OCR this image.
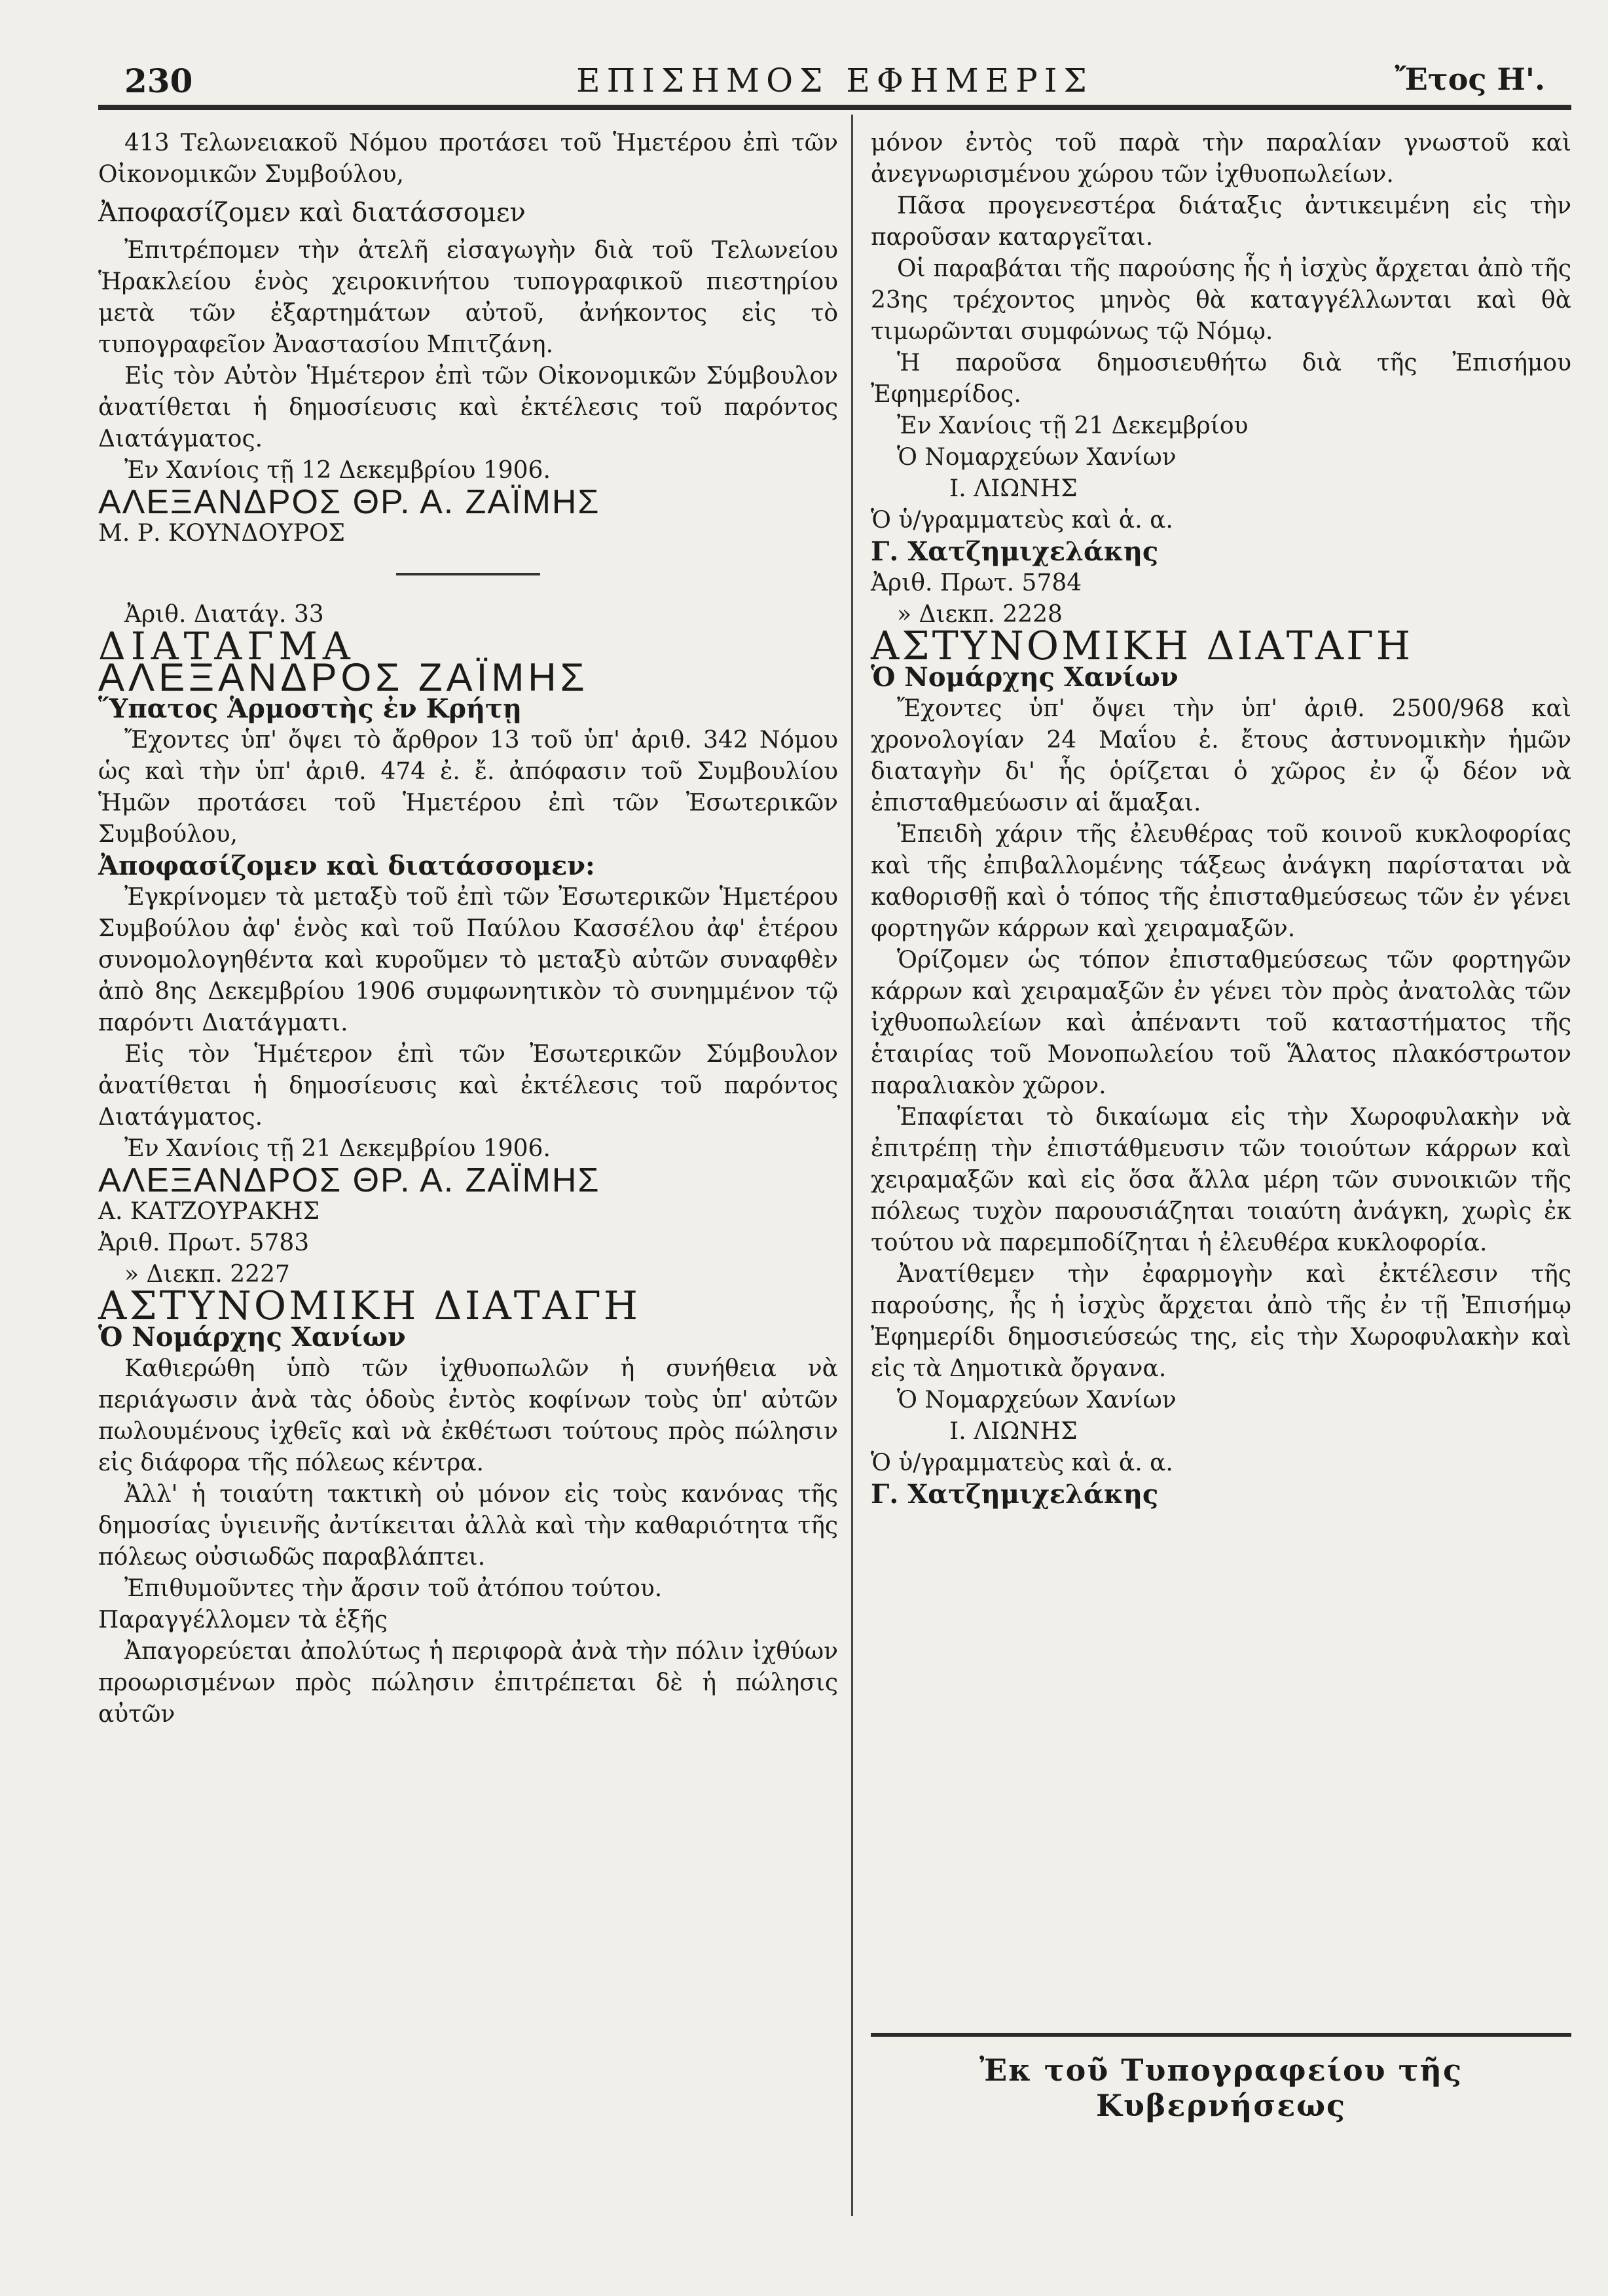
230	ΕΠΙΣΗΜΟΣ ΕΦΗΜΕΡΙΣ	Ἔτος Η'.

413 Τελωνειακοῦ Νόμου προτάσει τοῦ Ἡμετέρου ἐπὶ τῶν Οἰκονομικῶν Συμβούλου,

Ἀποφασίζομεν καὶ διατάσσομεν

Ἐπιτρέπομεν τὴν ἀτελῆ εἰσαγωγὴν διὰ τοῦ Τελωνείου Ἡρακλείου ἑνὸς χειροκινήτου τυπογραφικοῦ πιεστηρίου μετὰ τῶν ἐξαρτημάτων αὐτοῦ, ἀνήκοντος εἰς τὸ τυπογραφεῖον Ἀναστασίου Μπιτζάνη.

Εἰς τὸν Αὐτὸν Ἡμέτερον ἐπὶ τῶν Οἰκονομικῶν Σύμβουλον ἀνατίθεται ἡ δημοσίευσις καὶ ἐκτέλεσις τοῦ παρόντος Διατάγματος.

Ἐν Χανίοις τῇ 12 Δεκεμβρίου 1906.

ΑΛΕΞΑΝΔΡΟΣ ΘΡ. Α. ΖΑΪΜΗΣ

Μ. Ρ. ΚΟΥΝΔΟΥΡΟΣ

Ἀριθ. Διατάγ. 33

ΔΙΑΤΑΓΜΑ

ΑΛΕΞΑΝΔΡΟΣ ΖΑΪΜΗΣ

Ὕπατος Ἁρμοστὴς ἐν Κρήτῃ

Ἔχοντες ὑπ' ὄψει τὸ ἄρθρον 13 τοῦ ὑπ' ἀριθ. 342 Νόμου ὡς καὶ τὴν ὑπ' ἀριθ. 474 ἐ. ἔ. ἀπόφασιν τοῦ Συμβουλίου Ἡμῶν προτάσει τοῦ Ἡμετέρου ἐπὶ τῶν Ἐσωτερικῶν Συμβούλου,

Ἀποφασίζομεν καὶ διατάσσομεν:

Ἐγκρίνομεν τὰ μεταξὺ τοῦ ἐπὶ τῶν Ἐσωτερικῶν Ἡμετέρου Συμβούλου ἀφ' ἑνὸς καὶ τοῦ Παύλου Κασσέλου ἀφ' ἑτέρου συνομολογηθέντα καὶ κυροῦμεν τὸ μεταξὺ αὐτῶν συναφθὲν ἀπὸ 8ης Δεκεμβρίου 1906 συμφωνητικὸν τὸ συνημμένον τῷ παρόντι Διατάγματι.

Εἰς τὸν Ἡμέτερον ἐπὶ τῶν Ἐσωτερικῶν Σύμβουλον ἀνατίθεται ἡ δημοσίευσις καὶ ἐκτέλεσις τοῦ παρόντος Διατάγματος.

Ἐν Χανίοις τῇ 21 Δεκεμβρίου 1906.

ΑΛΕΞΑΝΔΡΟΣ ΘΡ. Α. ΖΑΪΜΗΣ

Α. ΚΑΤΖΟΥΡΑΚΗΣ

Ἀριθ. Πρωτ. 5783

» Διεκπ. 2227

ΑΣΤΥΝΟΜΙΚΗ ΔΙΑΤΑΓΗ

Ὁ Νομάρχης Χανίων

Καθιερώθη ὑπὸ τῶν ἰχθυοπωλῶν ἡ συνήθεια νὰ περιάγωσιν ἀνὰ τὰς ὁδοὺς ἐντὸς κοφίνων τοὺς ὑπ' αὐτῶν πωλουμένους ἰχθεῖς καὶ νὰ ἐκθέτωσι τούτους πρὸς πώλησιν εἰς διάφορα τῆς πόλεως κέντρα.

Ἀλλ' ἡ τοιαύτη τακτικὴ οὐ μόνον εἰς τοὺς κανόνας τῆς δημοσίας ὑγιεινῆς ἀντίκειται ἀλλὰ καὶ τὴν καθαριότητα τῆς πόλεως οὐσιωδῶς παραβλάπτει.

Ἐπιθυμοῦντες τὴν ἄρσιν τοῦ ἀτόπου τούτου.

Παραγγέλλομεν τὰ ἑξῆς

Ἀπαγορεύεται ἀπολύτως ἡ περιφορὰ ἀνὰ τὴν πόλιν ἰχθύων προωρισμένων πρὸς πώλησιν ἐπιτρέπεται δὲ ἡ πώλησις αὐτῶν

μόνον ἐντὸς τοῦ παρὰ τὴν παραλίαν γνωστοῦ καὶ ἀνεγνωρισμένου χώρου τῶν ἰχθυοπωλείων.

Πᾶσα προγενεστέρα διάταξις ἀντικειμένη εἰς τὴν παροῦσαν καταργεῖται.

Οἱ παραβάται τῆς παρούσης ἧς ἡ ἰσχὺς ἄρχεται ἀπὸ τῆς 23ης τρέχοντος μηνὸς θὰ καταγγέλλωνται καὶ θὰ τιμωρῶνται συμφώνως τῷ Νόμῳ.

Ἡ παροῦσα δημοσιευθήτω διὰ τῆς Ἐπισήμου Ἐφημερίδος.

Ἐν Χανίοις τῇ 21 Δεκεμβρίου

Ὁ Νομαρχεύων Χανίων

Ι. ΛΙΩΝΗΣ

Ὁ ὑ/γραμματεὺς καὶ ἁ. α.

Γ. Χατζημιχελάκης

Ἀριθ. Πρωτ. 5784

» Διεκπ. 2228

ΑΣΤΥΝΟΜΙΚΗ ΔΙΑΤΑΓΗ

Ὁ Νομάρχης Χανίων

Ἔχοντες ὑπ' ὄψει τὴν ὑπ' ἀριθ. 2500/968 καὶ χρονολογίαν 24 Μαΐου ἐ. ἔτους ἀστυνομικὴν ἡμῶν διαταγὴν δι' ἧς ὁρίζεται ὁ χῶρος ἐν ᾧ δέον νὰ ἐπισταθμεύωσιν αἱ ἅμαξαι.

Ἐπειδὴ χάριν τῆς ἐλευθέρας τοῦ κοινοῦ κυκλοφορίας καὶ τῆς ἐπιβαλλομένης τάξεως ἀνάγκη παρίσταται νὰ καθορισθῇ καὶ ὁ τόπος τῆς ἐπισταθμεύσεως τῶν ἐν γένει φορτηγῶν κάρρων καὶ χειραμαξῶν.

Ὁρίζομεν ὡς τόπον ἐπισταθμεύσεως τῶν φορτηγῶν κάρρων καὶ χειραμαξῶν ἐν γένει τὸν πρὸς ἀνατολὰς τῶν ἰχθυοπωλείων καὶ ἀπέναντι τοῦ καταστήματος τῆς ἑταιρίας τοῦ Μονοπωλείου τοῦ Ἅλατος πλακόστρωτον παραλιακὸν χῶρον.

Ἐπαφίεται τὸ δικαίωμα εἰς τὴν Χωροφυλακὴν νὰ ἐπιτρέπῃ τὴν ἐπιστάθμευσιν τῶν τοιούτων κάρρων καὶ χειραμαξῶν καὶ εἰς ὅσα ἄλλα μέρη τῶν συνοικιῶν τῆς πόλεως τυχὸν παρουσιάζηται τοιαύτη ἀνάγκη, χωρὶς ἐκ τούτου νὰ παρεμποδίζηται ἡ ἐλευθέρα κυκλοφορία.

Ἀνατίθεμεν τὴν ἐφαρμογὴν καὶ ἐκτέλεσιν τῆς παρούσης, ἧς ἡ ἰσχὺς ἄρχεται ἀπὸ τῆς ἐν τῇ Ἐπισήμῳ Ἐφημερίδι δημοσιεύσεώς της, εἰς τὴν Χωροφυλακὴν καὶ εἰς τὰ Δημοτικὰ ὄργανα.

Ὁ Νομαρχεύων Χανίων

Ι. ΛΙΩΝΗΣ

Ὁ ὑ/γραμματεὺς καὶ ἁ. α.

Γ. Χατζημιχελάκης

Ἐκ τοῦ Τυπογραφείου τῆς Κυβερνήσεως
